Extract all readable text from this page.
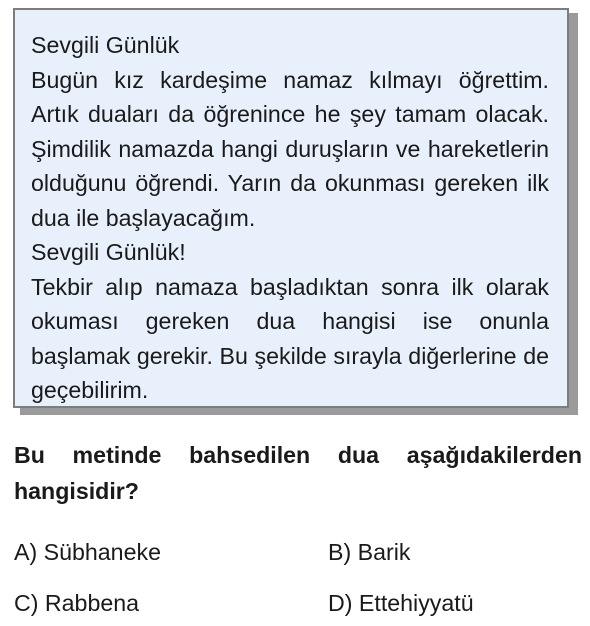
Sevgili Günlük

Bugün kız kardeşime namaz kılmayı öğrettim. Artık duaları da öğrenince he şey tamam olacak. Şimdilik namazda hangi duruşların ve hareketlerin olduğunu öğrendi. Yarın da okunması gereken ilk dua ile başlayacağım.

Sevgili Günlük!

Tekbir alıp namaza başladıktan sonra ilk olarak okuması gereken dua hangisi ise onunla başlamak gerekir. Bu şekilde sırayla diğerlerine de geçebilirim.

Bu metinde bahsedilen dua aşağıdakilerden hangisidir?

A) Sübhaneke	B) Barik
C) Rabbena	D) Ettehiyyatü
